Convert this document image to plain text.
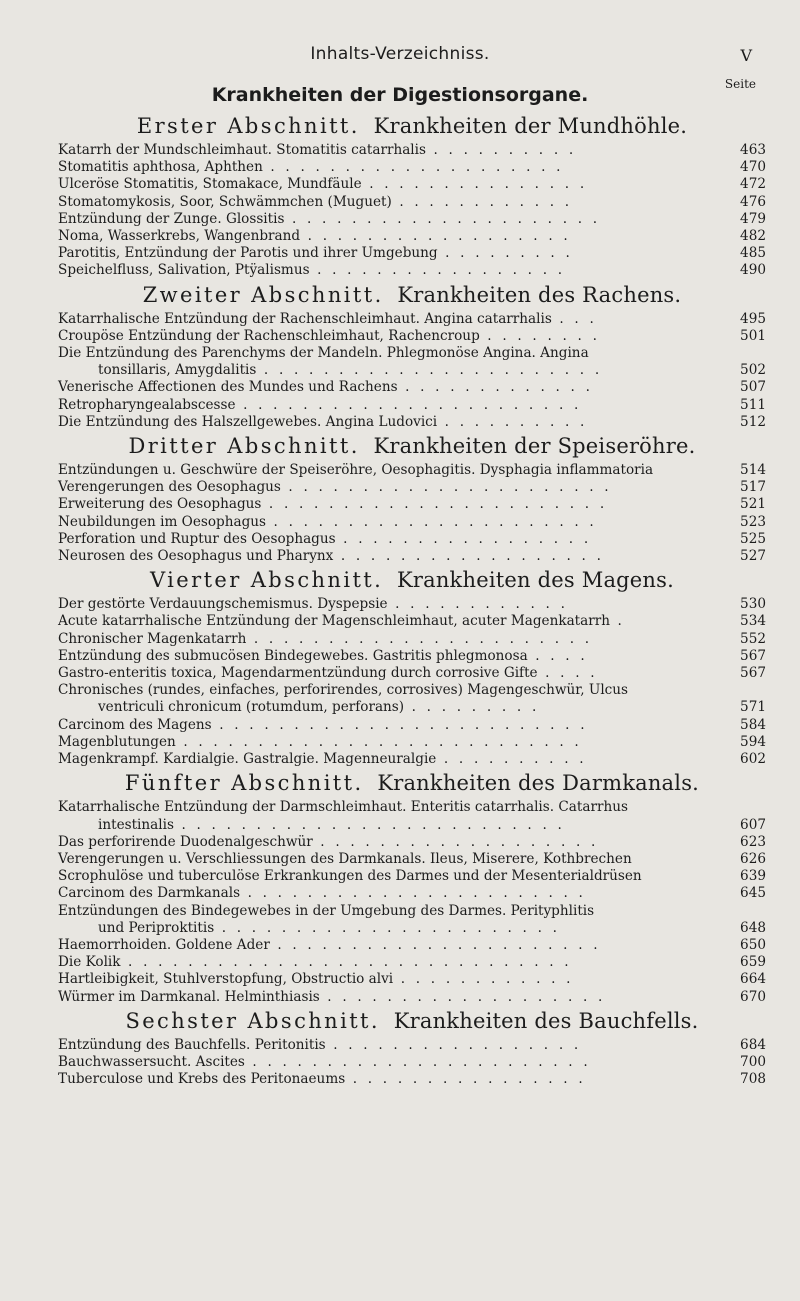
Inhalts-Verzeichniss.	V
Seite
Krankheiten der Digestionsorgane.
Erster Abschnitt. Krankheiten der Mundhöhle.
Katarrh der Mundschleimhaut. Stomatitis catarrhalis . . . . . . . . . .	463
Stomatitis aphthosa, Aphthen . . . . . . . . . . . . . . . . . . . .	470
Ulceröse Stomatitis, Stomakace, Mundfäule . . . . . . . . . . . . . . .	472
Stomatomykosis, Soor, Schwämmchen (Muguet) . . . . . . . . . . . .	476
Entzündung der Zunge. Glossitis . . . . . . . . . . . . . . . . . . . . .	479
Noma, Wasserkrebs, Wangenbrand . . . . . . . . . . . . . . . . . .	482
Parotitis, Entzündung der Parotis und ihrer Umgebung . . . . . . . . .	485
Speichelfluss, Salivation, Ptÿalismus . . . . . . . . . . . . . . . . .	490
Zweiter Abschnitt. Krankheiten des Rachens.
Katarrhalische Entzündung der Rachenschleimhaut. Angina catarrhalis . . .	495
Croupöse Entzündung der Rachenschleimhaut, Rachencroup . . . . . . . .	501
Die Entzündung des Parenchyms der Mandeln. Phlegmonöse Angina. Angina
tonsillaris, Amygdalitis . . . . . . . . . . . . . . . . . . . . . . .	502
Venerische Affectionen des Mundes und Rachens . . . . . . . . . . . . .	507
Retropharyngealabscesse . . . . . . . . . . . . . . . . . . . . . . .	511
Die Entzündung des Halszellgewebes. Angina Ludovici . . . . . . . . . .	512
Dritter Abschnitt. Krankheiten der Speiseröhre.
Entzündungen u. Geschwüre der Speiseröhre, Oesophagitis. Dysphagia inflammatoria	514
Verengerungen des Oesophagus . . . . . . . . . . . . . . . . . . . . . .	517
Erweiterung des Oesophagus . . . . . . . . . . . . . . . . . . . . . . .	521
Neubildungen im Oesophagus . . . . . . . . . . . . . . . . . . . . . .	523
Perforation und Ruptur des Oesophagus . . . . . . . . . . . . . . . . .	525
Neurosen des Oesophagus und Pharynx . . . . . . . . . . . . . . . . . .	527
Vierter Abschnitt. Krankheiten des Magens.
Der gestörte Verdauungschemismus. Dyspepsie . . . . . . . . . . . .	530
Acute katarrhalische Entzündung der Magenschleimhaut, acuter Magenkatarrh .	534
Chronischer Magenkatarrh . . . . . . . . . . . . . . . . . . . . . . .	552
Entzündung des submucösen Bindegewebes. Gastritis phlegmonosa . . . .	567
Gastro-enteritis toxica, Magendarmentzündung durch corrosive Gifte . . . .	567
Chronisches (rundes, einfaches, perforirendes, corrosives) Magengeschwür, Ulcus
ventriculi chronicum (rotumdum, perforans) . . . . . . . . .	571
Carcinom des Magens . . . . . . . . . . . . . . . . . . . . . . . . .	584
Magenblutungen . . . . . . . . . . . . . . . . . . . . . . . . . . .	594
Magenkrampf. Kardialgie. Gastralgie. Magenneuralgie . . . . . . . . . .	602
Fünfter Abschnitt. Krankheiten des Darmkanals.
Katarrhalische Entzündung der Darmschleimhaut. Enteritis catarrhalis. Catarrhus
intestinalis . . . . . . . . . . . . . . . . . . . . . . . . . .	607
Das perforirende Duodenalgeschwür . . . . . . . . . . . . . . . . . . .	623
Verengerungen u. Verschliessungen des Darmkanals. Ileus, Miserere, Kothbrechen	626
Scrophulöse und tuberculöse Erkrankungen des Darmes und der Mesenterialdrüsen	639
Carcinom des Darmkanals . . . . . . . . . . . . . . . . . . . . . . .	645
Entzündungen des Bindegewebes in der Umgebung des Darmes. Perityphlitis
und Periproktitis . . . . . . . . . . . . . . . . . . . . . . .	648
Haemorrhoiden. Goldene Ader . . . . . . . . . . . . . . . . . . . . . .	650
Die Kolik . . . . . . . . . . . . . . . . . . . . . . . . . . . . . .	659
Hartleibigkeit, Stuhlverstopfung, Obstructio alvi . . . . . . . . . . . .	664
Würmer im Darmkanal. Helminthiasis . . . . . . . . . . . . . . . . . . .	670
Sechster Abschnitt. Krankheiten des Bauchfells.
Entzündung des Bauchfells. Peritonitis . . . . . . . . . . . . . . . . .	684
Bauchwassersucht. Ascites . . . . . . . . . . . . . . . . . . . . . . .	700
Tuberculose und Krebs des Peritonaeums . . . . . . . . . . . . . . . .	708
